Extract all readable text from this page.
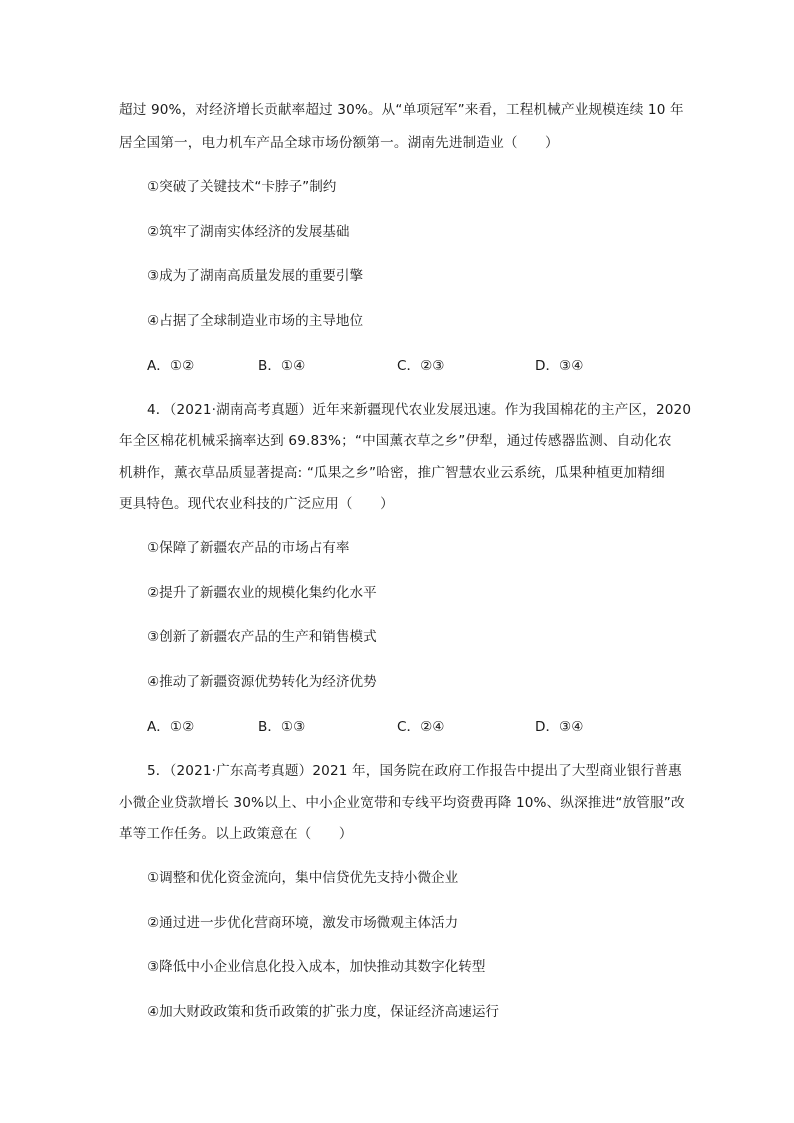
超过 90%，对经济增长贡献率超过 30%。从“单项冠军”来看，工程机械产业规模连续 10 年
居全国第一，电力机车产品全球市场份额第一。湖南先进制造业（　　）
①突破了关键技术“卡脖子”制约
②筑牢了湖南实体经济的发展基础
③成为了湖南高质量发展的重要引擎
④占据了全球制造业市场的主导地位
A．①②	B．①④	C．②③	D．③④
4．（2021·湖南高考真题）近年来新疆现代农业发展迅速。作为我国棉花的主产区，2020
年全区棉花机械采摘率达到 69.83%；“中国薰衣草之乡”伊犁，通过传感器监测、自动化农
机耕作，薰衣草品质显著提高: “瓜果之乡”哈密，推广智慧农业云系统，瓜果种植更加精细
更具特色。现代农业科技的广泛应用（　　）
①保障了新疆农产品的市场占有率
②提升了新疆农业的规模化集约化水平
③创新了新疆农产品的生产和销售模式
④推动了新疆资源优势转化为经济优势
A．①②	B．①③	C．②④	D．③④
5．（2021·广东高考真题）2021 年，国务院在政府工作报告中提出了大型商业银行普惠
小微企业贷款增长 30%以上、中小企业宽带和专线平均资费再降 10%、纵深推进“放管服”改
革等工作任务。以上政策意在（　　）
①调整和优化资金流向，集中信贷优先支持小微企业
②通过进一步优化营商环境，激发市场微观主体活力
③降低中小企业信息化投入成本，加快推动其数字化转型
④加大财政政策和货币政策的扩张力度，保证经济高速运行
